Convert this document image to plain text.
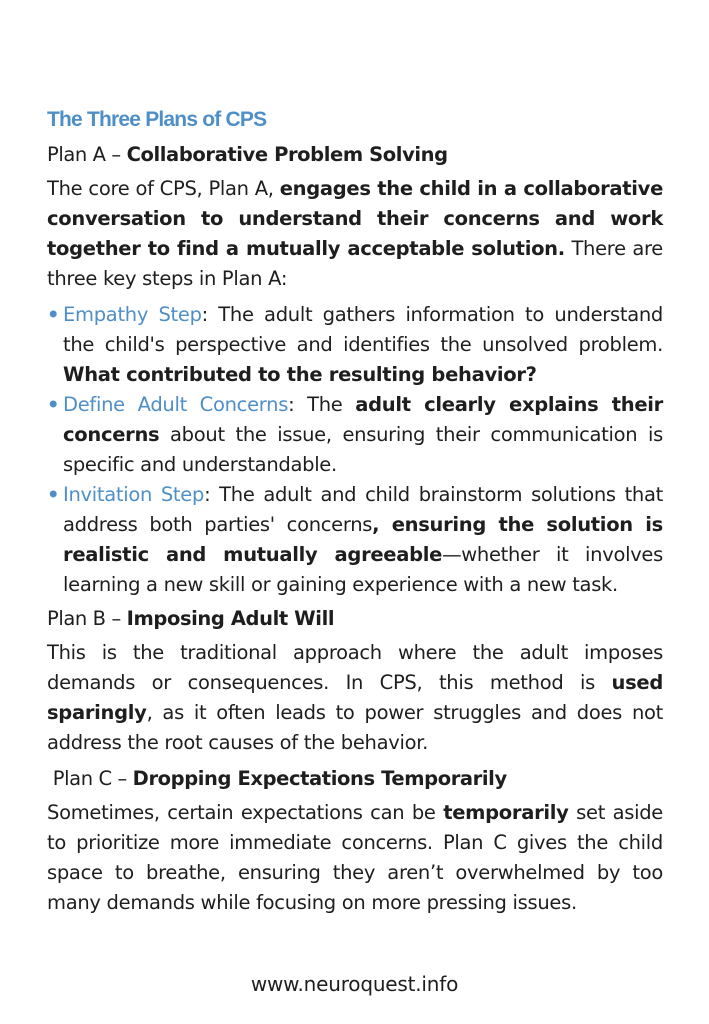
The Three Plans of CPS
Plan A – Collaborative Problem Solving

The core of CPS, Plan A, engages the child in a collaborative conversation to understand their concerns and work together to find a mutually acceptable solution. There are three key steps in Plan A:

• Empathy Step: The adult gathers information to understand the child's perspective and identifies the unsolved problem. What contributed to the resulting behavior?
• Define Adult Concerns: The adult clearly explains their concerns about the issue, ensuring their communication is specific and understandable.
• Invitation Step: The adult and child brainstorm solutions that address both parties' concerns, ensuring the solution is realistic and mutually agreeable—whether it involves learning a new skill or gaining experience with a new task.
Plan B – Imposing Adult Will

This is the traditional approach where the adult imposes demands or consequences. In CPS, this method is used sparingly, as it often leads to power struggles and does not address the root causes of the behavior.

Plan C – Dropping Expectations Temporarily

Sometimes, certain expectations can be temporarily set aside to prioritize more immediate concerns. Plan C gives the child space to breathe, ensuring they aren’t overwhelmed by too many demands while focusing on more pressing issues.

www.neuroquest.info
